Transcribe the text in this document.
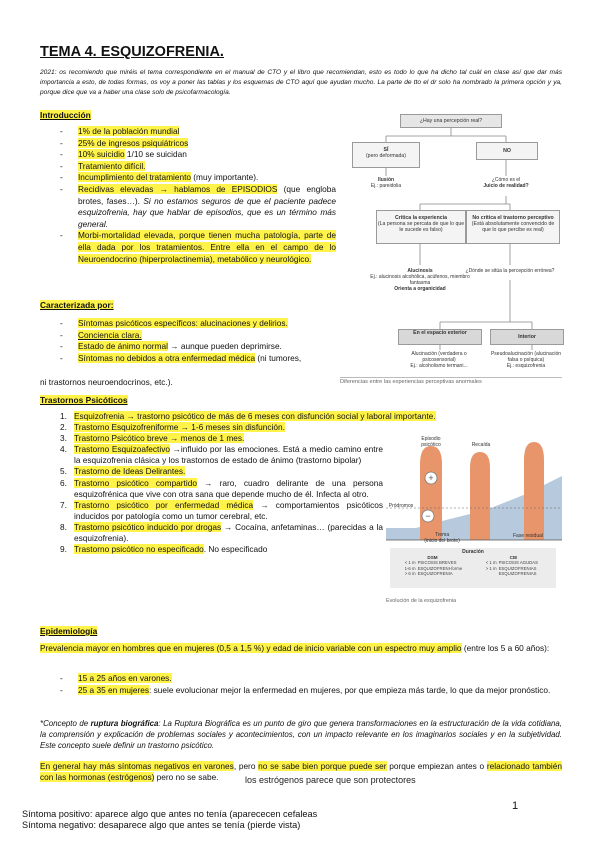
TEMA 4. ESQUIZOFRENIA.
2021: os recomiendo que miréis el tema correspondiente en el manual de CTO y el libro que recomiendan, esto es todo lo que ha dicho tal cuàl en clase así que dar más importancia a esto, de todas formas, os voy a poner las tablas y los esquemas de CTO aquí que ayudan mucho. La parte de tto el dr solo ha nombrado la primera opción y ya, porque dice que va a haber una clase solo de psicofarmacología.
Introducción
- 1% de la población mundial
- 25% de ingresos psiquiátricos
- 10% suicidio 1/10 se suicidan
- Tratamiento difícil.
- Incumplimiento del tratamiento (muy importante).
- Recidivas elevadas → hablamos de EPISODIOS (que engloba brotes, fases…). Si no estamos seguros de que el paciente padece esquizofrenia, hay que hablar de episodios, que es un término más general.
- Morbi-mortalidad elevada, porque tienen mucha patología, parte de ella dada por los tratamientos. Entre ella en el campo de lo Neuroendocrino (hiperprolactinemia), metabólico y neurológico.
Caracterizada por:
- Síntomas psicóticos específicos: alucinaciones y delirios.
- Conciencia clara.
- Estado de ánimo normal → aunque pueden deprimirse.
- Síntomas no debidos a otra enfermedad médica (ni tumores,
ni trastornos neuroendocrinos, etc.).
Trastornos Psicóticos
1. Esquizofrenia → trastorno psicótico de más de 6 meses con disfunción social y laboral importante.
2. Trastorno Esquizofreniforme → 1-6 meses sin disfunción.
3. Trastorno Psicótico breve → menos de 1 mes.
4. Trastorno Esquizoafectivo →influido por las emociones. Está a medio camino entre la esquizofrenia clásica y los trastornos de estado de ánimo (trastorno bipolar)
5. Trastorno de Ideas Delirantes.
6. Trastorno psicótico compartido → raro, cuadro delirante de una persona esquizofrénica que vive con otra sana que depende mucho de él. Infecta al otro.
7. Trastorno psicótico por enfermedad médica → comportamientos psicóticos inducidos por patología como un tumor cerebral, etc.
8. Trastorno psicótico inducido por drogas → Cocaína, anfetaminas… (parecidas a la esquizofrenia).
9. Trastorno psicótico no especificado. No especificado
Epidemiología
Prevalencia mayor en hombres que en mujeres (0,5 a 1,5 %) y edad de inicio variable con un espectro muy amplio (entre los 5 a 60 años):
- 15 a 25 años en varones.
- 25 a 35 en mujeres: suele evolucionar mejor la enfermedad en mujeres, por que empieza más tarde, lo que da mejor pronóstico.
*Concepto de ruptura biográfica: La Ruptura Biográfica es un punto de giro que genera transformaciones en la estructuración de la vida cotidiana, la comprensión y explicación de problemas sociales y acontecimientos, con un impacto relevante en los imaginarios sociales y en la subjetividad. Este concepto suele definir un trastorno psicótico.
En general hay más síntomas negativos en varones, pero no se sabe bien porque puede ser porque empiezan antes o relacionado también con las hormonas (estrógenos) pero no se sabe.	los estrógenos parece que son protectores
1
Síntoma positivo: aparece algo que antes no tenía (aparececen cefaleas
Síntoma negativo: desaparece algo que antes se tenía (pierde vista)
¿Hay una percepción real?
SÍ
(pero deformada)
NO
Ilusión
Ej.: pareidolia
¿Cómo es el
Juicio de realidad?
Critica la experiencia
(La persona se percata de que lo que le sucede es falso)
No critica el trastorno perceptivo
(Está absolutamente convencido de que lo que percibe es real)
Alucinosis
Ej.: alucinosis alcohólica, acúfenos, miembro fantasma
Orienta a organicidad
¿Dónde se sitúa la percepción errónea?
En el espacio exterior
Interior
Alucinación (verdadera o psicosensorial)
Ej.: alcoholismo termani...
Pseudoalucinación (alucinación falsa o psíquica)
Ej.: esquizofrenia
Diferencias entre las experiencias perceptivas anormales
+
−
Episodio psicótico	Recaída
Pródromos
Trema
(inicio del brote)
Fase residual
Duración
DSM	CIE
< 1 m PSICOSIS BREVES	< 1 m PSICOSIS AGUDAS
1-6 m ESQUIZOFRENI-forme	> 1 m ESQUIZOFRENIAS
> 6 m ESQUIZOFRENIA	ESQUIZOFRENIAS
Evolución de la esquizofrenia
